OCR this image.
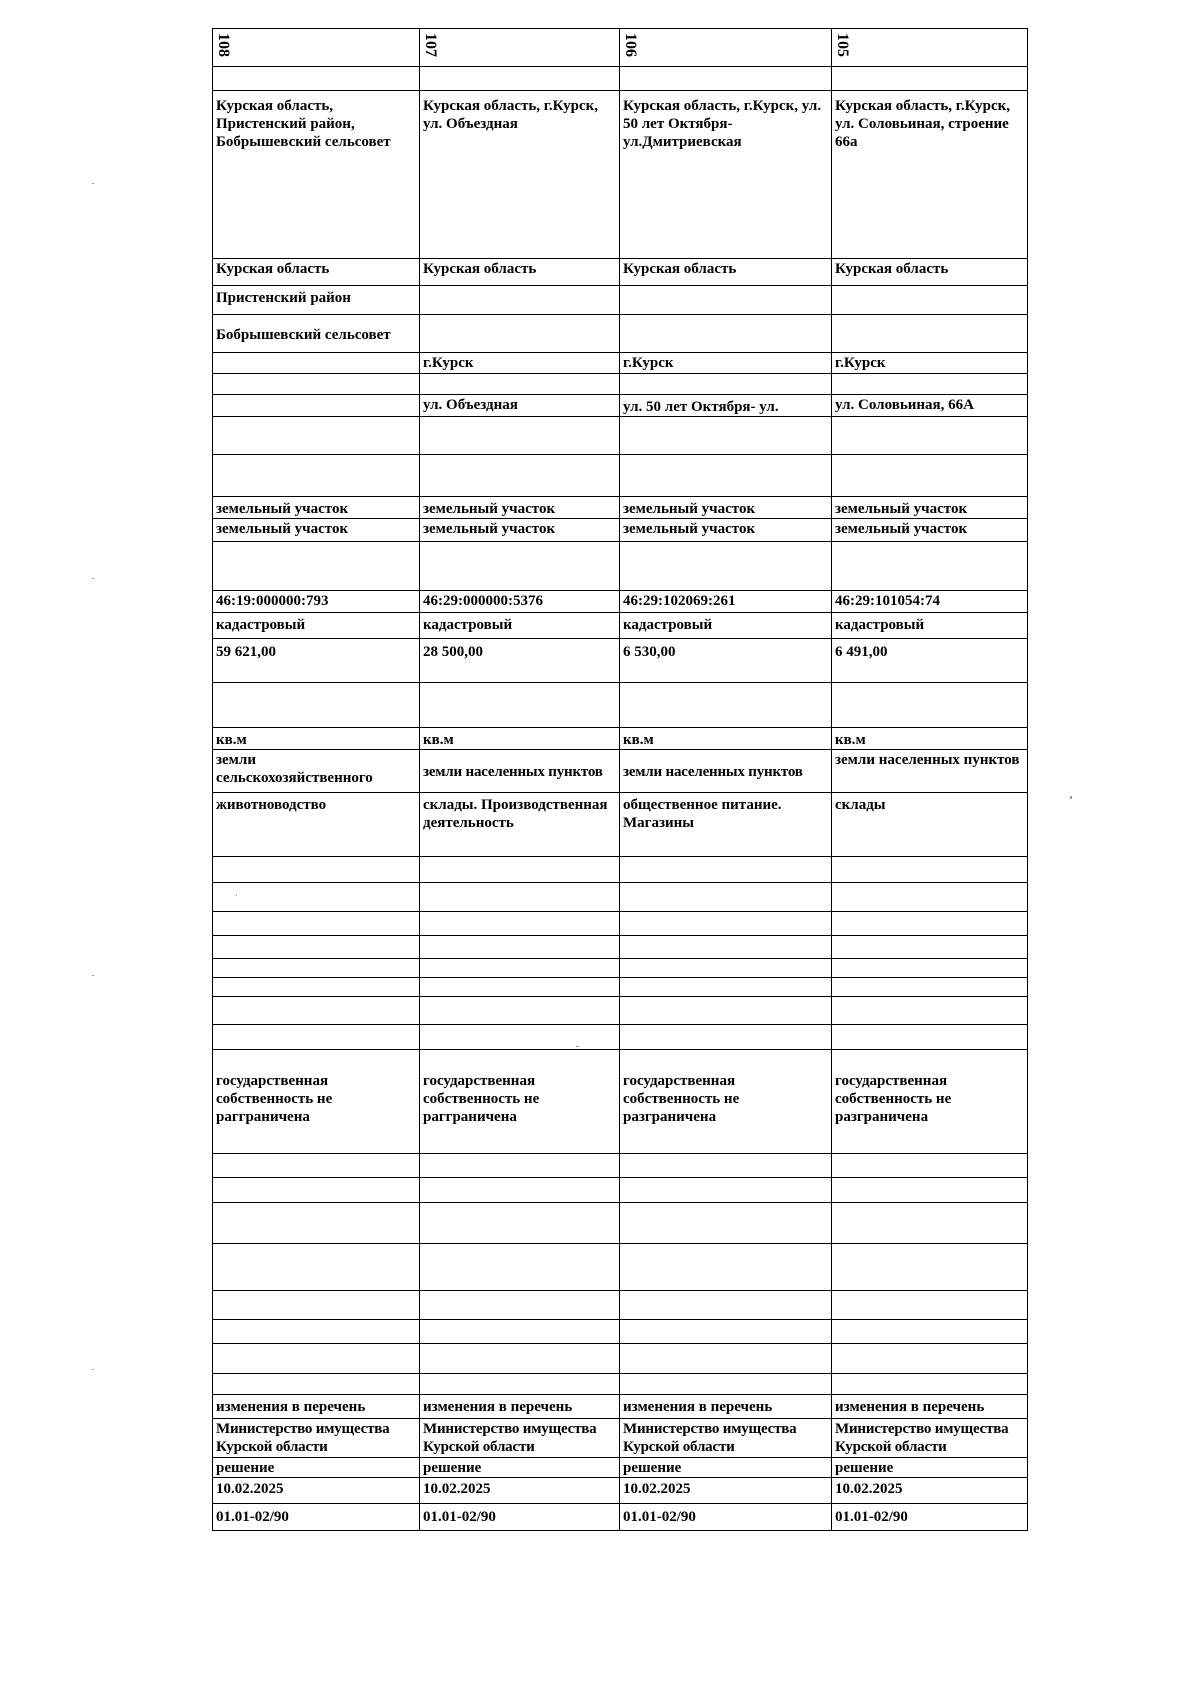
108	107	106	105

Курская область, Пристенский район, Бобрышевский сельсовет	Курская область, г.Курск, ул. Объездная	Курская область, г.Курск, ул. 50 лет Октября- ул.Дмитриевская	Курская область, г.Курск, ул. Соловьиная, строение 66а
Курская область	Курская область	Курская область	Курская область
Пристенский район			
Бобрышевский сельсовет			
	г.Курск	г.Курск	г.Курск

	ул. Объездная	ул. 50 лет Октября- ул.	ул. Соловьиная, 66А

земельный участок	земельный участок	земельный участок	земельный участок
земельный участок	земельный участок	земельный участок	земельный участок

46:19:000000:793	46:29:000000:5376	46:29:102069:261	46:29:101054:74
кадастровый	кадастровый	кадастровый	кадастровый
59 621,00	28 500,00	6 530,00	6 491,00

кв.м	кв.м	кв.м	кв.м
земли сельскохозяйственного	земли населенных пунктов	земли населенных пунктов	земли населенных пунктов
животноводство	склады. Производственная деятельность	общественное питание. Магазины	склады

государственная собственность не рагграничена	государственная собственность не рагграничена	государственная собственность не разграничена	государственная собственность не разграничена

изменения в перечень	изменения в перечень	изменения в перечень	изменения в перечень
Министерство имущества Курской области	Министерство имущества Курской области	Министерство имущества Курской области	Министерство имущества Курской области
решение	решение	решение	решение
10.02.2025	10.02.2025	10.02.2025	10.02.2025
01.01-02/90	01.01-02/90	01.01-02/90	01.01-02/90
